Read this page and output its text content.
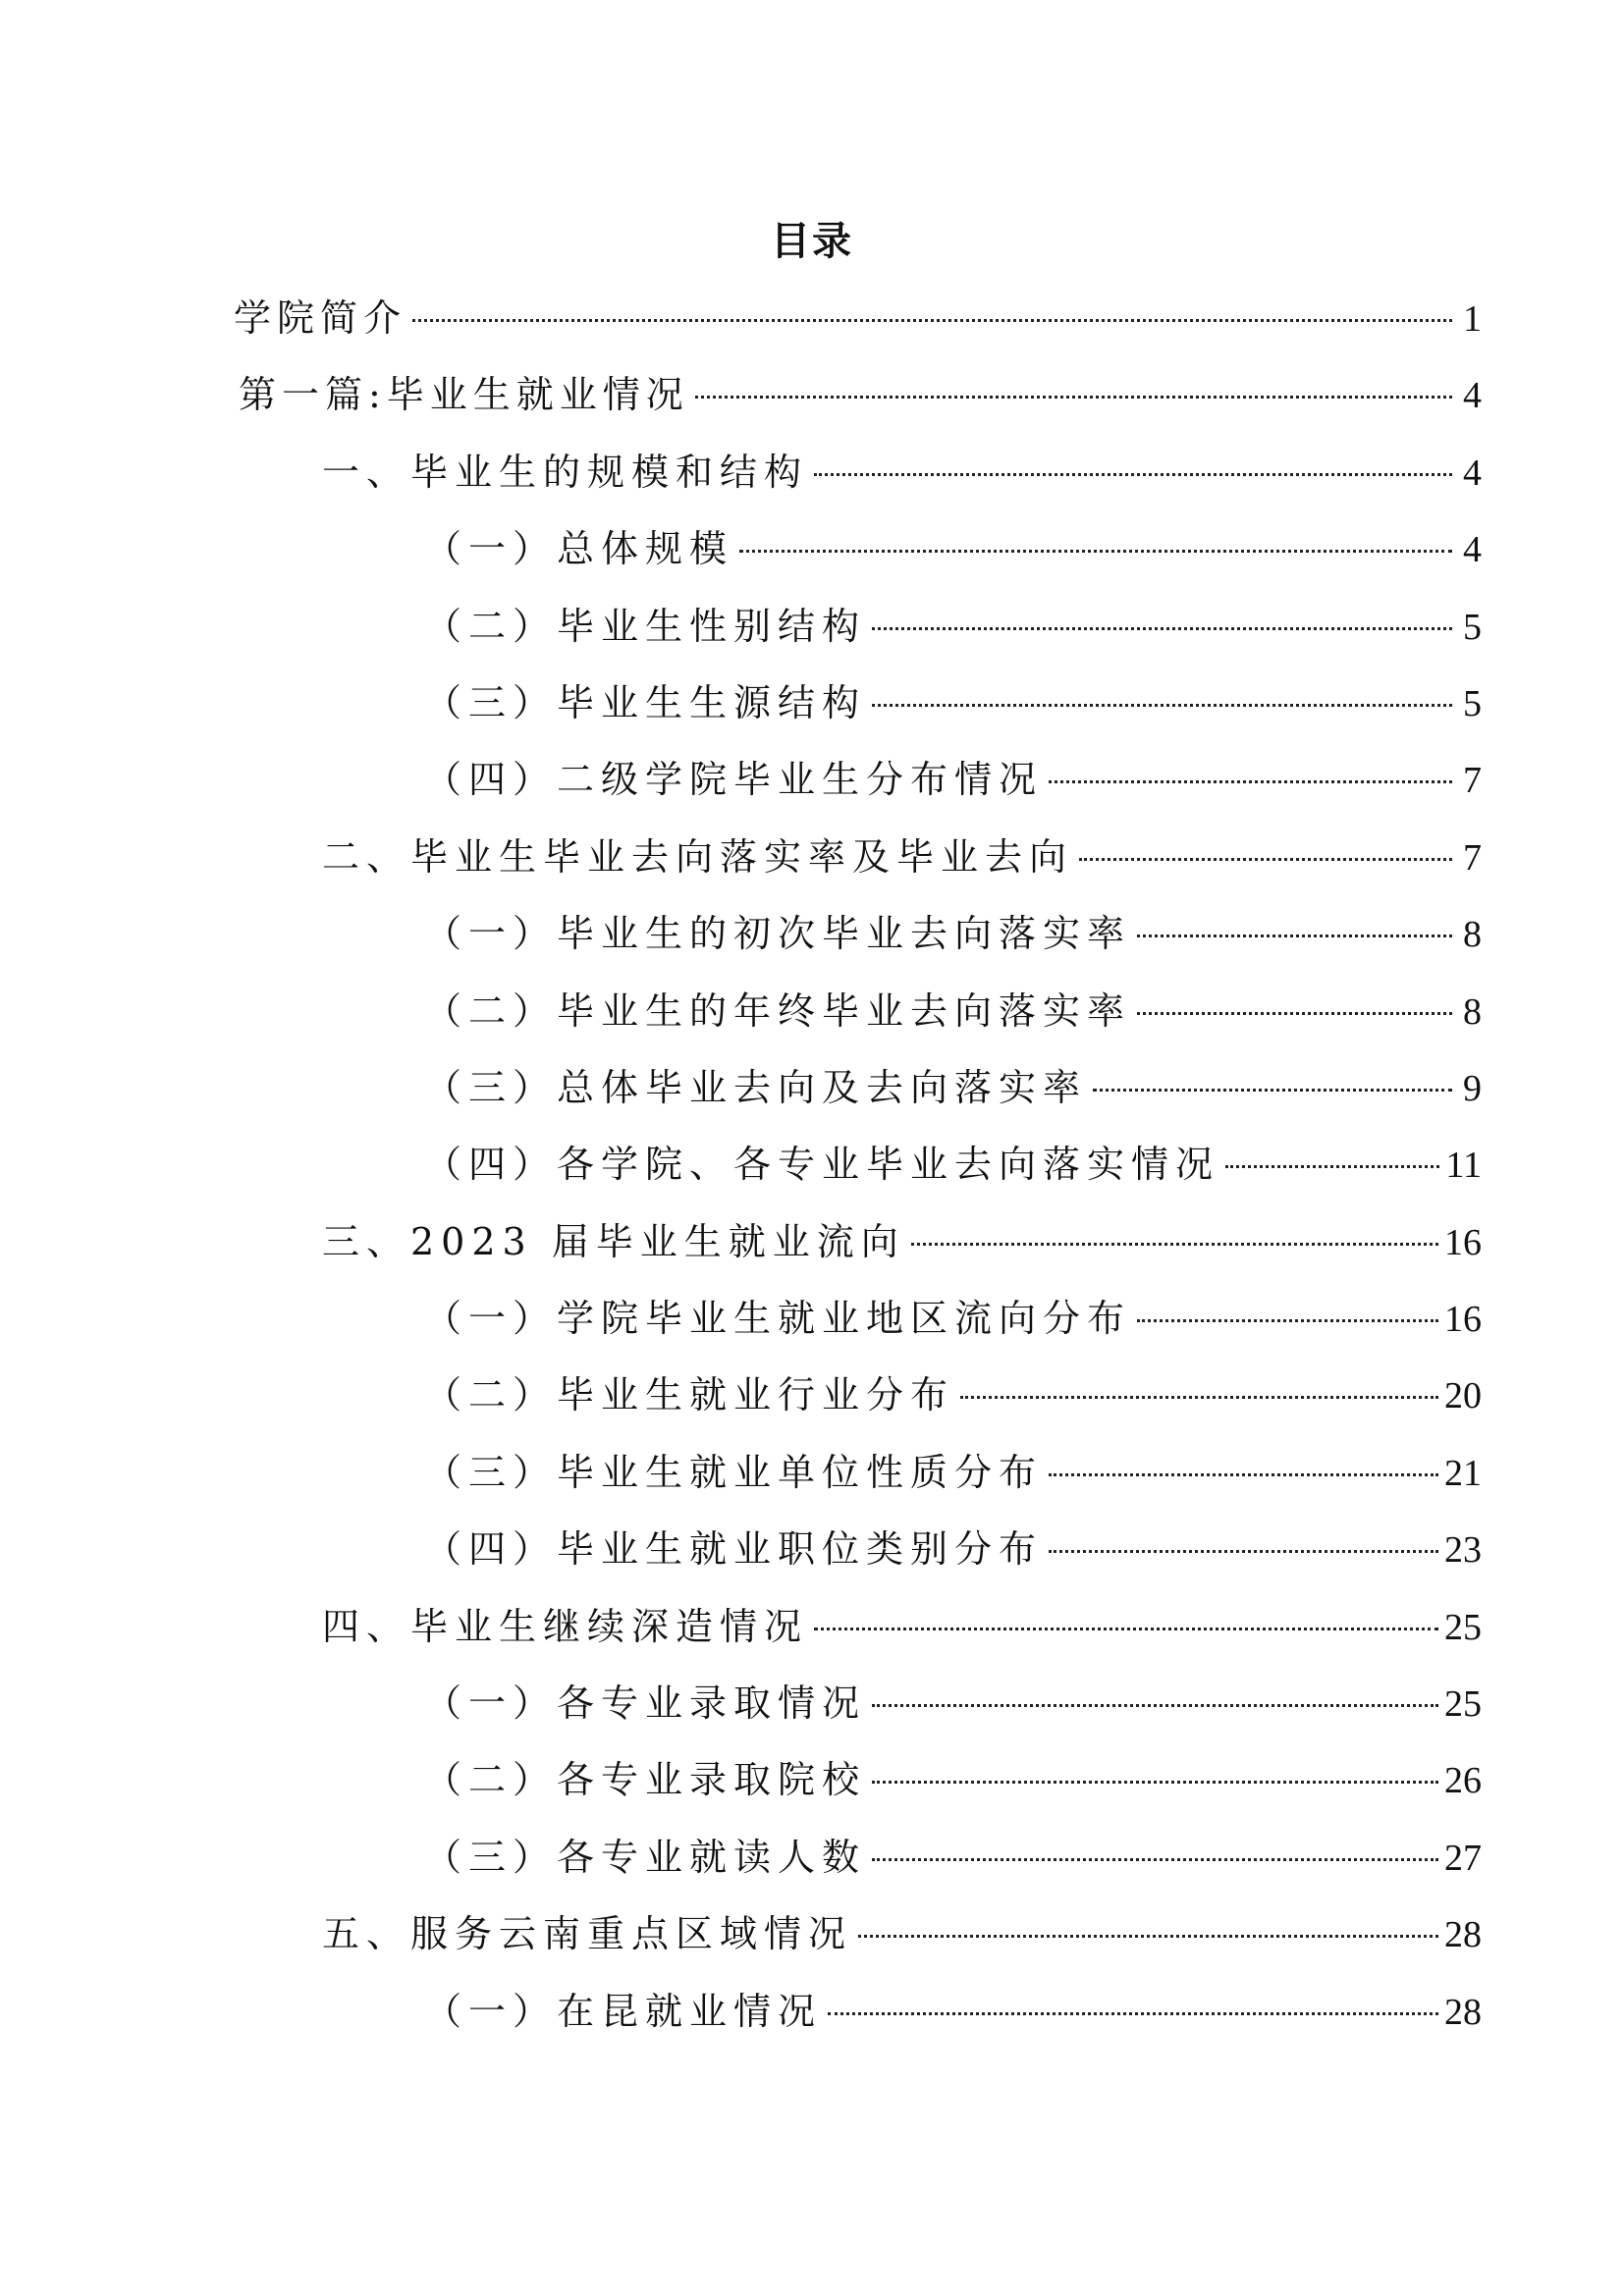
目录
学院简介	1
第一篇:毕业生就业情况	4
一、毕业生的规模和结构	4
（一）总体规模	4
（二）毕业生性别结构	5
（三）毕业生生源结构	5
（四）二级学院毕业生分布情况	7
二、毕业生毕业去向落实率及毕业去向	7
（一）毕业生的初次毕业去向落实率	8
（二）毕业生的年终毕业去向落实率	8
（三）总体毕业去向及去向落实率	9
（四）各学院、各专业毕业去向落实情况	11
三、2023 届毕业生就业流向	16
（一）学院毕业生就业地区流向分布	16
（二）毕业生就业行业分布	20
（三）毕业生就业单位性质分布	21
（四）毕业生就业职位类别分布	23
四、毕业生继续深造情况	25
（一）各专业录取情况	25
（二）各专业录取院校	26
（三）各专业就读人数	27
五、服务云南重点区域情况	28
（一）在昆就业情况	28
